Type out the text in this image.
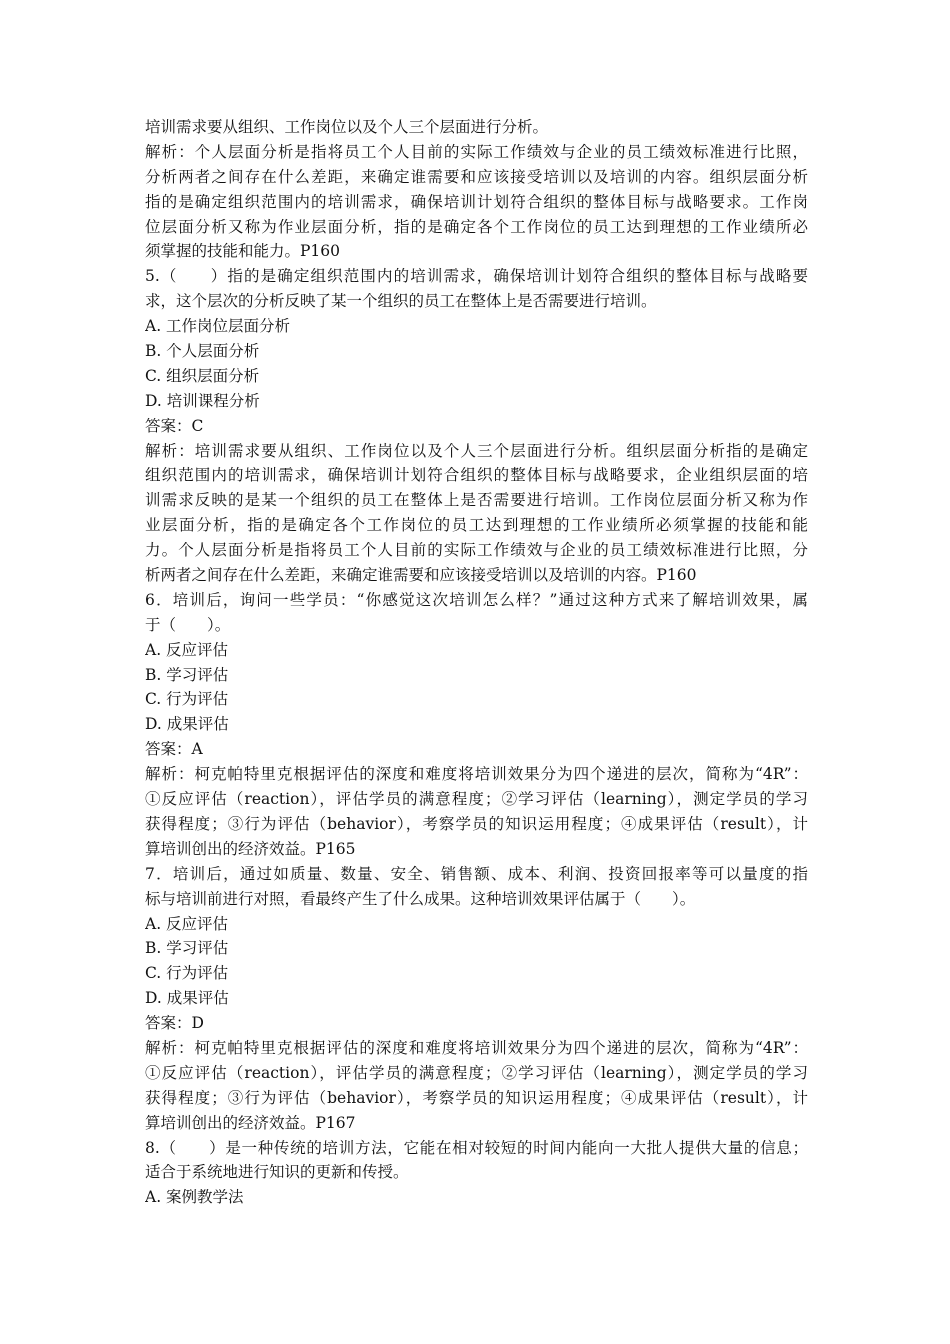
培训需求要从组织、工作岗位以及个人三个层面进行分析。
解析：个人层面分析是指将员工个人目前的实际工作绩效与企业的员工绩效标准进行比照，
分析两者之间存在什么差距，来确定谁需要和应该接受培训以及培训的内容。组织层面分析
指的是确定组织范围内的培训需求，确保培训计划符合组织的整体目标与战略要求。工作岗
位层面分析又称为作业层面分析，指的是确定各个工作岗位的员工达到理想的工作业绩所必
须掌握的技能和能力。P160
5.（　　）指的是确定组织范围内的培训需求，确保培训计划符合组织的整体目标与战略要
求，这个层次的分析反映了某一个组织的员工在整体上是否需要进行培训。
A. 工作岗位层面分析
B. 个人层面分析
C. 组织层面分析
D. 培训课程分析
答案：C
解析：培训需求要从组织、工作岗位以及个人三个层面进行分析。组织层面分析指的是确定
组织范围内的培训需求，确保培训计划符合组织的整体目标与战略要求，企业组织层面的培
训需求反映的是某一个组织的员工在整体上是否需要进行培训。工作岗位层面分析又称为作
业层面分析，指的是确定各个工作岗位的员工达到理想的工作业绩所必须掌握的技能和能
力。个人层面分析是指将员工个人目前的实际工作绩效与企业的员工绩效标准进行比照，分
析两者之间存在什么差距，来确定谁需要和应该接受培训以及培训的内容。P160
6．培训后，询问一些学员：“你感觉这次培训怎么样？”通过这种方式来了解培训效果，属
于（　　）。
A. 反应评估
B. 学习评估
C. 行为评估
D. 成果评估
答案：A
解析：柯克帕特里克根据评估的深度和难度将培训效果分为四个递进的层次，简称为“4R”：
①反应评估（reaction），评估学员的满意程度；②学习评估（learning），测定学员的学习
获得程度；③行为评估（behavior），考察学员的知识运用程度；④成果评估（result），计
算培训创出的经济效益。P165
7．培训后，通过如质量、数量、安全、销售额、成本、利润、投资回报率等可以量度的指
标与培训前进行对照，看最终产生了什么成果。这种培训效果评估属于（　　）。
A. 反应评估
B. 学习评估
C. 行为评估
D. 成果评估
答案：D
解析：柯克帕特里克根据评估的深度和难度将培训效果分为四个递进的层次，简称为“4R”：
①反应评估（reaction），评估学员的满意程度；②学习评估（learning），测定学员的学习
获得程度；③行为评估（behavior），考察学员的知识运用程度；④成果评估（result），计
算培训创出的经济效益。P167
8.（　　）是一种传统的培训方法，它能在相对较短的时间内能向一大批人提供大量的信息；
适合于系统地进行知识的更新和传授。
A. 案例教学法
